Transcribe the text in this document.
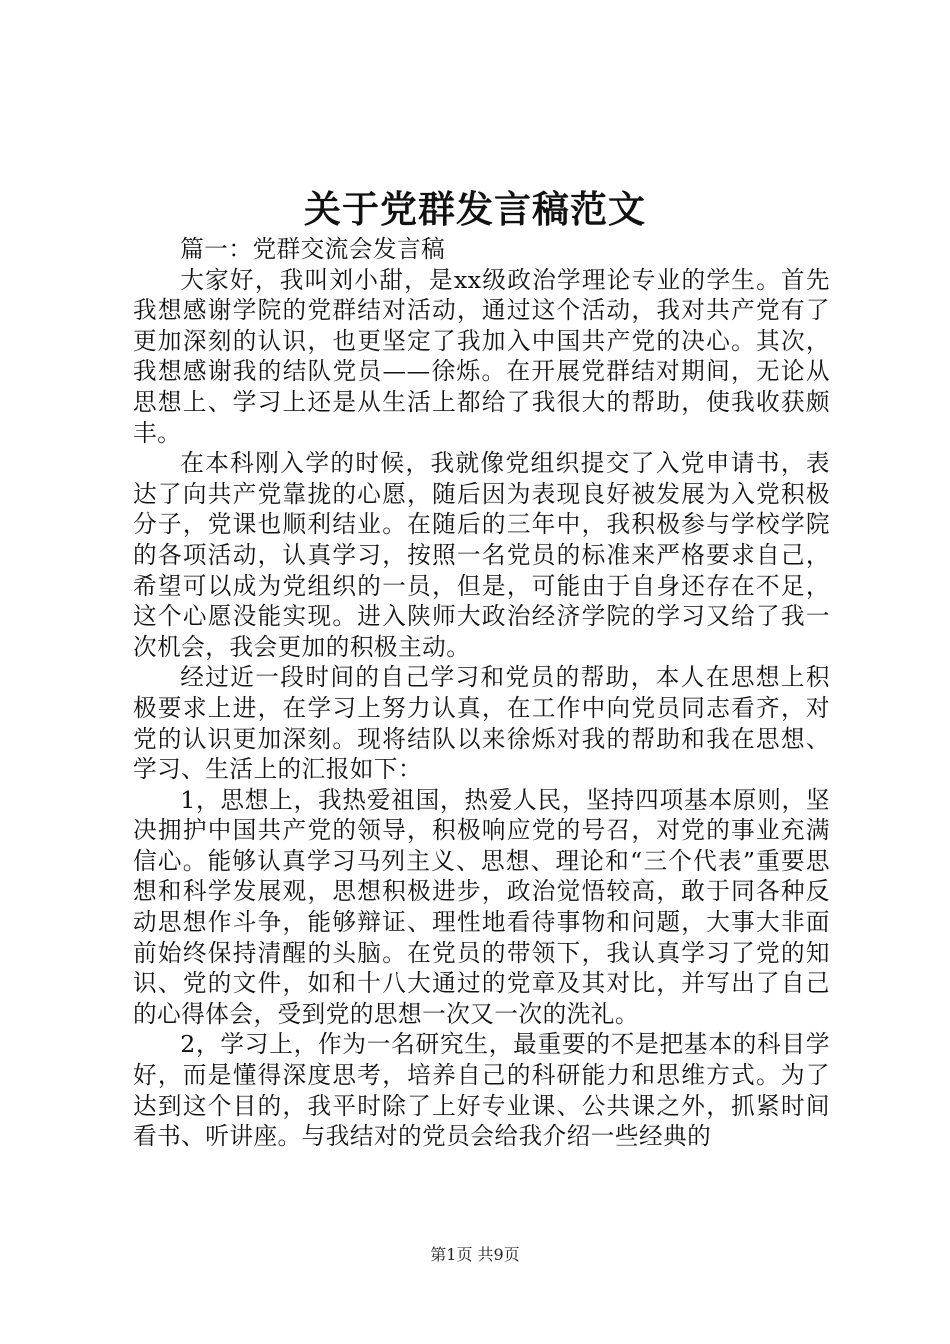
关于党群发言稿范文

篇一：党群交流会发言稿

大家好，我叫刘小甜，是xx级政治学理论专业的学生。首先我想感谢学院的党群结对活动，通过这个活动，我对共产党有了更加深刻的认识，也更坚定了我加入中国共产党的决心。其次，我想感谢我的结队党员——徐烁。在开展党群结对期间，无论从思想上、学习上还是从生活上都给了我很大的帮助，使我收获颇丰。

在本科刚入学的时候，我就像党组织提交了入党申请书，表达了向共产党靠拢的心愿，随后因为表现良好被发展为入党积极分子，党课也顺利结业。在随后的三年中，我积极参与学校学院的各项活动，认真学习，按照一名党员的标准来严格要求自己，希望可以成为党组织的一员，但是，可能由于自身还存在不足，这个心愿没能实现。进入陕师大政治经济学院的学习又给了我一次机会，我会更加的积极主动。

经过近一段时间的自己学习和党员的帮助，本人在思想上积极要求上进，在学习上努力认真，在工作中向党员同志看齐，对党的认识更加深刻。现将结队以来徐烁对我的帮助和我在思想、学习、生活上的汇报如下：

1，思想上，我热爱祖国，热爱人民，坚持四项基本原则，坚决拥护中国共产党的领导，积极响应党的号召，对党的事业充满信心。能够认真学习马列主义、思想、理论和“三个代表”重要思想和科学发展观，思想积极进步，政治觉悟较高，敢于同各种反动思想作斗争，能够辩证、理性地看待事物和问题，大事大非面前始终保持清醒的头脑。在党员的带领下，我认真学习了党的知识、党的文件，如和十八大通过的党章及其对比，并写出了自己的心得体会，受到党的思想一次又一次的洗礼。

2，学习上，作为一名研究生，最重要的不是把基本的科目学好，而是懂得深度思考，培养自己的科研能力和思维方式。为了达到这个目的，我平时除了上好专业课、公共课之外，抓紧时间看书、听讲座。与我结对的党员会给我介绍一些经典的

第1页 共9页
